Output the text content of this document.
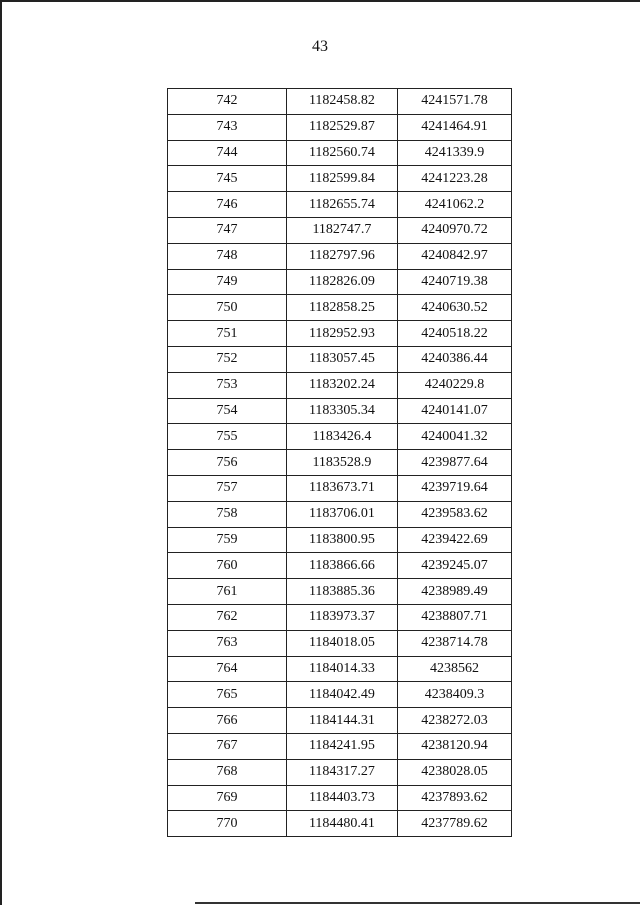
43
742	1182458.82	4241571.78
743	1182529.87	4241464.91
744	1182560.74	4241339.9
745	1182599.84	4241223.28
746	1182655.74	4241062.2
747	1182747.7	4240970.72
748	1182797.96	4240842.97
749	1182826.09	4240719.38
750	1182858.25	4240630.52
751	1182952.93	4240518.22
752	1183057.45	4240386.44
753	1183202.24	4240229.8
754	1183305.34	4240141.07
755	1183426.4	4240041.32
756	1183528.9	4239877.64
757	1183673.71	4239719.64
758	1183706.01	4239583.62
759	1183800.95	4239422.69
760	1183866.66	4239245.07
761	1183885.36	4238989.49
762	1183973.37	4238807.71
763	1184018.05	4238714.78
764	1184014.33	4238562
765	1184042.49	4238409.3
766	1184144.31	4238272.03
767	1184241.95	4238120.94
768	1184317.27	4238028.05
769	1184403.73	4237893.62
770	1184480.41	4237789.62
